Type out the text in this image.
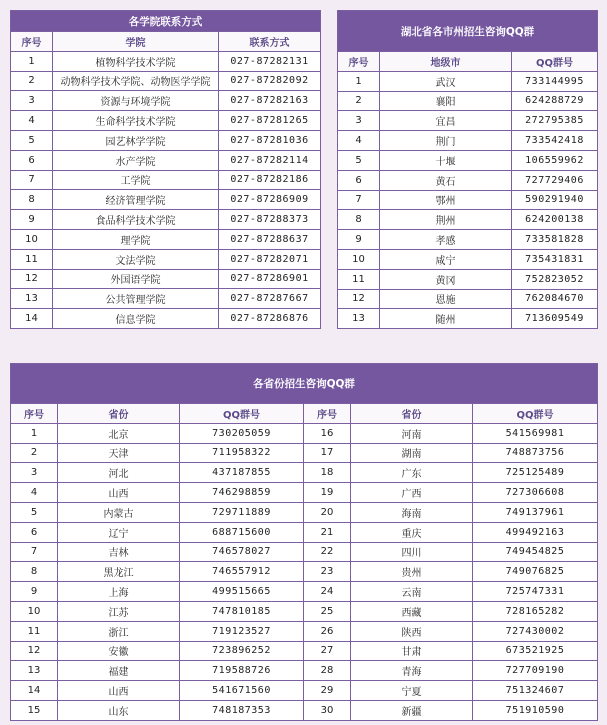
各学院联系方式		
序号	学院	联系方式
1	植物科学技术学院	027-87282131
2	动物科学技术学院、动物医学学院	027-87282092
3	资源与环境学院	027-87282163
4	生命科学技术学院	027-87281265
5	园艺林学学院	027-87281036
6	水产学院	027-87282114
7	工学院	027-87282186
8	经济管理学院	027-87286909
9	食品科学技术学院	027-87288373
10	理学院	027-87288637
11	文法学院	027-87282071
12	外国语学院	027-87286901
13	公共管理学院	027-87287667
14	信息学院	027-87286876
湖北省各市州招生咨询QQ群		
序号	地级市	QQ群号
1	武汉	733144995
2	襄阳	624288729
3	宜昌	272795385
4	荆门	733542418
5	十堰	106559962
6	黄石	727729406
7	鄂州	590291940
8	荆州	624200138
9	孝感	733581828
10	咸宁	735431831
11	黄冈	752823052
12	恩施	762084670
13	随州	713609549
各省份招生咨询QQ群					
序号	省份	QQ群号	序号	省份	QQ群号
1	北京	730205059	16	河南	541569981
2	天津	711958322	17	湖南	748873756
3	河北	437187855	18	广东	725125489
4	山西	746298859	19	广西	727306608
5	内蒙古	729711889	20	海南	749137961
6	辽宁	688715600	21	重庆	499492163
7	吉林	746578027	22	四川	749454825
8	黑龙江	746557912	23	贵州	749076825
9	上海	499515665	24	云南	725747331
10	江苏	747810185	25	西藏	728165282
11	浙江	719123527	26	陕西	727430002
12	安徽	723896252	27	甘肃	673521925
13	福建	719588726	28	青海	727709190
14	山西	541671560	29	宁夏	751324607
15	山东	748187353	30	新疆	751910590
